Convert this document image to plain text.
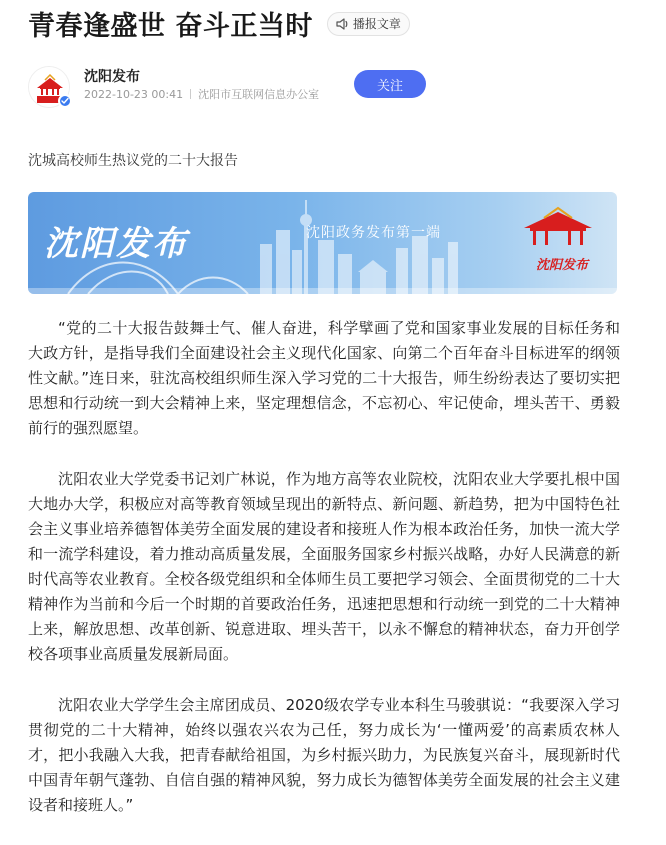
青春逢盛世 奋斗正当时	播报文章
沈阳发布
2022-10-23 00:41 沈阳市互联网信息办公室
关注

沈城高校师生热议党的二十大报告

沈阳发布	沈阳政务发布第一端
沈阳发布

“党的二十大报告鼓舞士气、催人奋进，科学擘画了党和国家事业发展的目标任务和大政方针，是指导我们全面建设社会主义现代化国家、向第二个百年奋斗目标进军的纲领性文献。”连日来，驻沈高校组织师生深入学习党的二十大报告，师生纷纷表达了要切实把思想和行动统一到大会精神上来，坚定理想信念，不忘初心、牢记使命，埋头苦干、勇毅前行的强烈愿望。

沈阳农业大学党委书记刘广林说，作为地方高等农业院校，沈阳农业大学要扎根中国大地办大学，积极应对高等教育领域呈现出的新特点、新问题、新趋势，把为中国特色社会主义事业培养德智体美劳全面发展的建设者和接班人作为根本政治任务，加快一流大学和一流学科建设，着力推动高质量发展，全面服务国家乡村振兴战略，办好人民满意的新时代高等农业教育。全校各级党组织和全体师生员工要把学习领会、全面贯彻党的二十大精神作为当前和今后一个时期的首要政治任务，迅速把思想和行动统一到党的二十大精神上来，解放思想、改革创新、锐意进取、埋头苦干，以永不懈怠的精神状态，奋力开创学校各项事业高质量发展新局面。

沈阳农业大学学生会主席团成员、2020级农学专业本科生马骏骐说：“我要深入学习贯彻党的二十大精神，始终以强农兴农为己任，努力成长为‘一懂两爱’的高素质农林人才，把小我融入大我，把青春献给祖国，为乡村振兴助力，为民族复兴奋斗，展现新时代中国青年朝气蓬勃、自信自强的精神风貌，努力成长为德智体美劳全面发展的社会主义建设者和接班人。”
